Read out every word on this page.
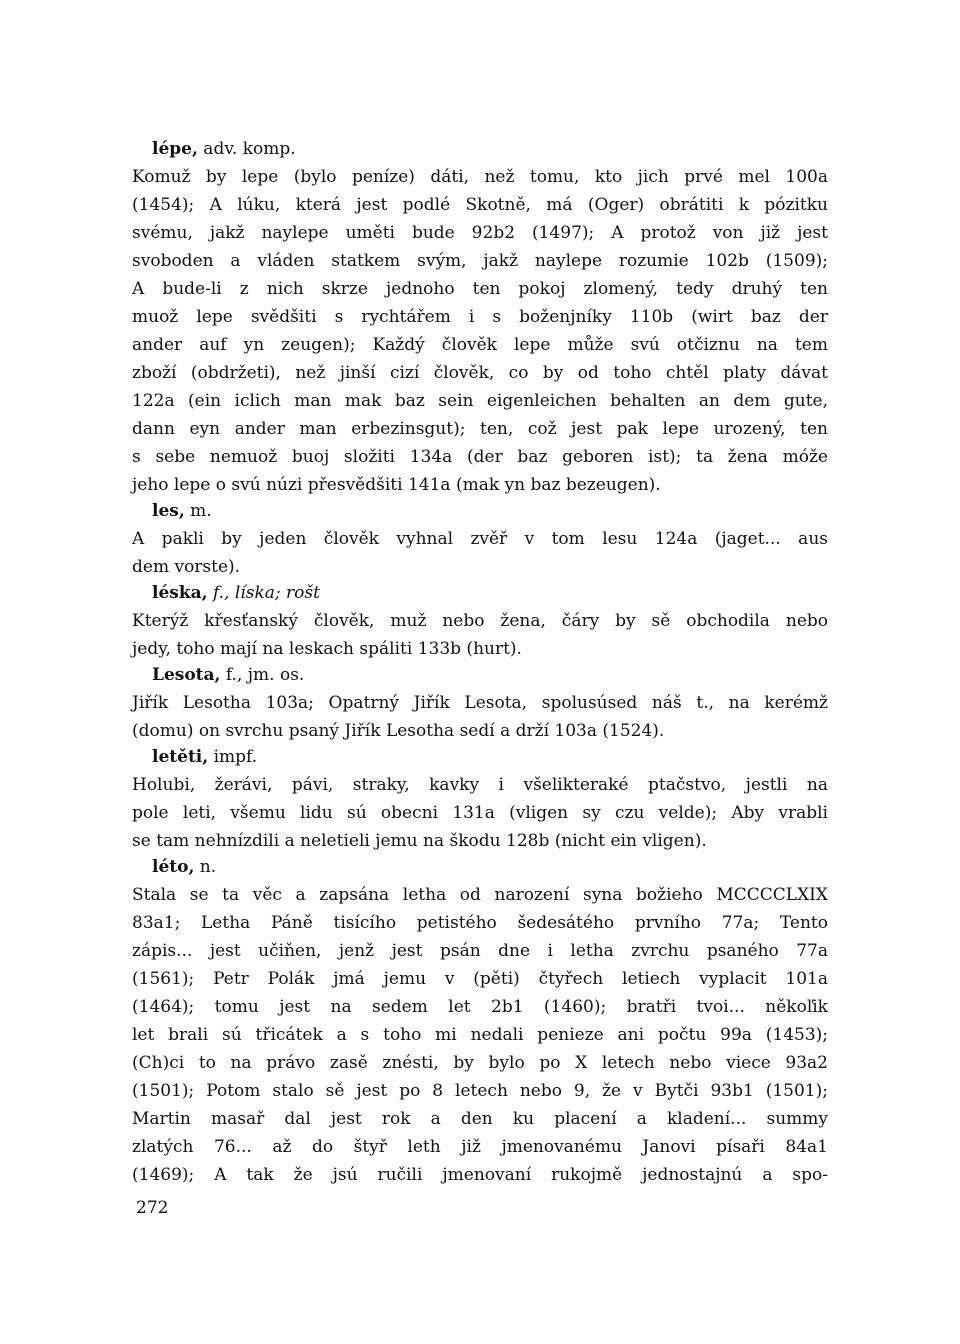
lépe, adv. komp.
Komuž by lepe (bylo peníze) dáti, než tomu, kto jich prvé mel 100a
(1454); A lúku, která jest podlé Skotně, má (Oger) obrátiti k pózitku
svému, jakž naylepe uměti bude 92b2 (1497); A protož von již jest
svoboden a vláden statkem svým, jakž naylepe rozumie 102b (1509);
A bude-li z nich skrze jednoho ten pokoj zlomený, tedy druhý ten
muož lepe svědšiti s rychtářem i s boženjníky 110b (wirt baz der
ander auf yn zeugen); Každý člověk lepe může svú otčiznu na tem
zboží (obdržeti), než jinší cizí člověk, co by od toho chtěl platy dávat
122a (ein iclich man mak baz sein eigenleichen behalten an dem gute,
dann eyn ander man erbezinsgut); ten, což jest pak lepe urozený, ten
s sebe nemuož buoj složiti 134a (der baz geboren ist); ta žena móže
jeho lepe o svú núzi přesvědšiti 141a (mak yn baz bezeugen).
les, m.
A pakli by jeden člověk vyhnal zvěř v tom lesu 124a (jaget... aus
dem vorste).
léska, f., líska; rošt
Kterýž křesťanský člověk, muž nebo žena, čáry by sě obchodila nebo
jedy, toho mají na leskach spáliti 133b (hurt).
Lesota, f., jm. os.
Jiřík Lesotha 103a; Opatrný Jiřík Lesota, spolusúsed náš t., na kerémž
(domu) on svrchu psaný Jiřík Lesotha sedí a drží 103a (1524).
letěti, impf.
Holubi, žerávi, pávi, straky, kavky i všelikteraké ptačstvo, jestli na
pole leti, všemu lidu sú obecni 131a (vligen sy czu velde); Aby vrabli
se tam nehnízdili a neletieli jemu na škodu 128b (nicht ein vligen).
léto, n.
Stala se ta věc a zapsána letha od narození syna božieho MCCCCLXIX
83a1; Letha Páně tisícího petistého šedesátého prvního 77a; Tento
zápis... jest učiňen, jenž jest psán dne i letha zvrchu psaného 77a
(1561); Petr Polák jmá jemu v (pěti) čtyřech letiech vyplacit 101a
(1464); tomu jest na sedem let 2b1 (1460); bratři tvoi... někoľik
let brali sú třicátek a s toho mi nedali penieze ani počtu 99a (1453);
(Ch)ci to na právo zasě znésti, by bylo po X letech nebo viece 93a2
(1501); Potom stalo sě jest po 8 letech nebo 9, že v Bytči 93b1 (1501);
Martin masař dal jest rok a den ku placení a kladení... summy
zlatých 76... až do štyř leth již jmenovanému Janovi písaři 84a1
(1469); A tak že jsú ručili jmenovaní rukojmě jednostajnú a spo-
272
